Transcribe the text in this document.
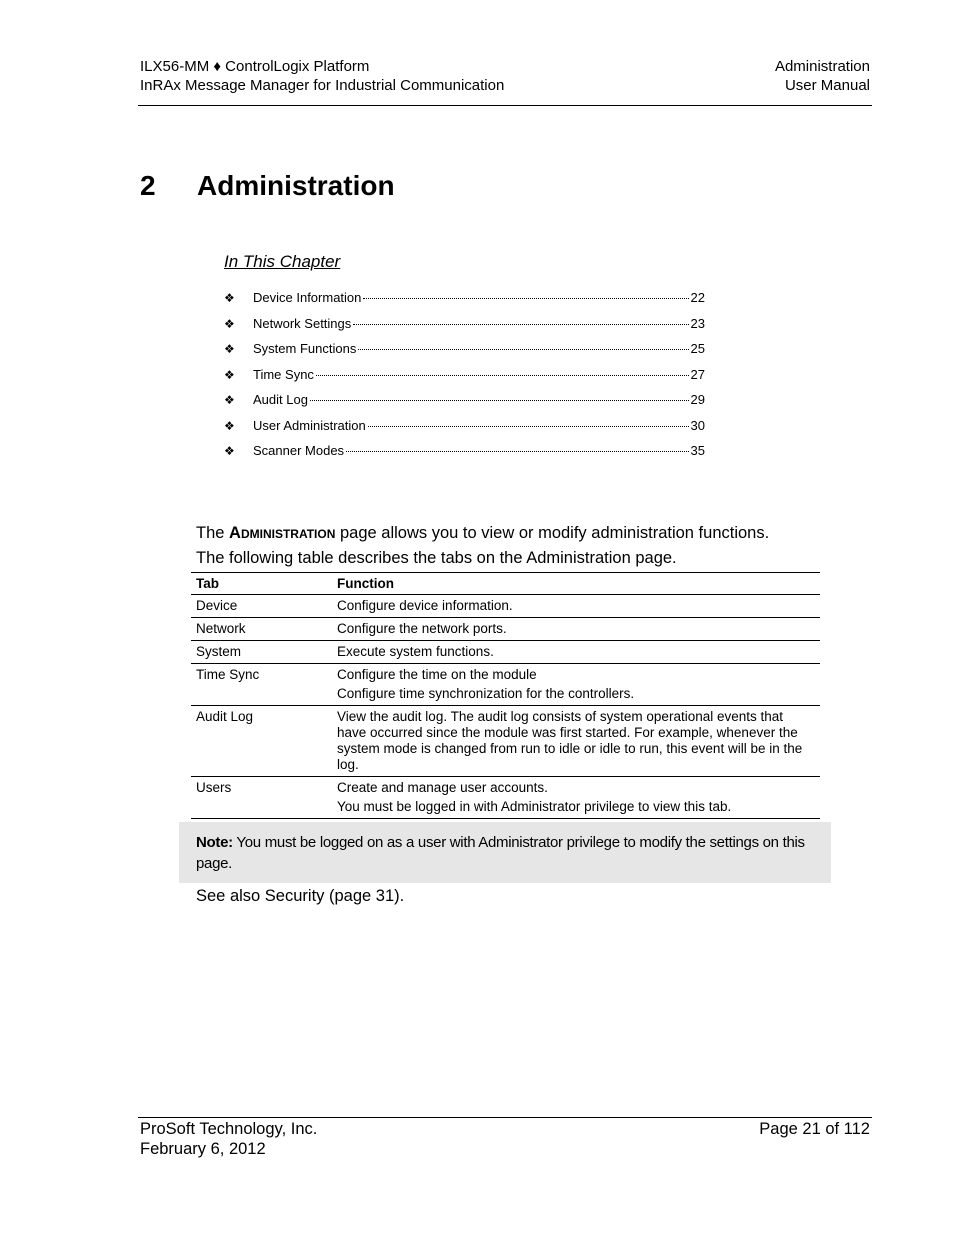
ILX56-MM ♦ ControlLogix Platform
InRAx Message Manager for Industrial Communication
Administration
User Manual
2 Administration
In This Chapter
❖	Device Information	22
❖	Network Settings	23
❖	System Functions	25
❖	Time Sync	27
❖	Audit Log	29
❖	User Administration	30
❖	Scanner Modes	35
The Administration page allows you to view or modify administration functions.
The following table describes the tabs on the Administration page.
Tab	Function
Device	Configure device information.

Network	Configure the network ports.

System	Execute system functions.

Time Sync	Configure the time on the module
Configure time synchronization for the controllers.

Audit Log	View the audit log. The audit log consists of system operational events that have occurred since the module was first started. For example, whenever the system mode is changed from run to idle or idle to run, this event will be in the log.

Users	Create and manage user accounts.
You must be logged in with Administrator privilege to view this tab.
Note: You must be logged on as a user with Administrator privilege to modify the settings on this page.
See also Security (page 31).
ProSoft Technology, Inc.
February 6, 2012
Page 21 of 112
